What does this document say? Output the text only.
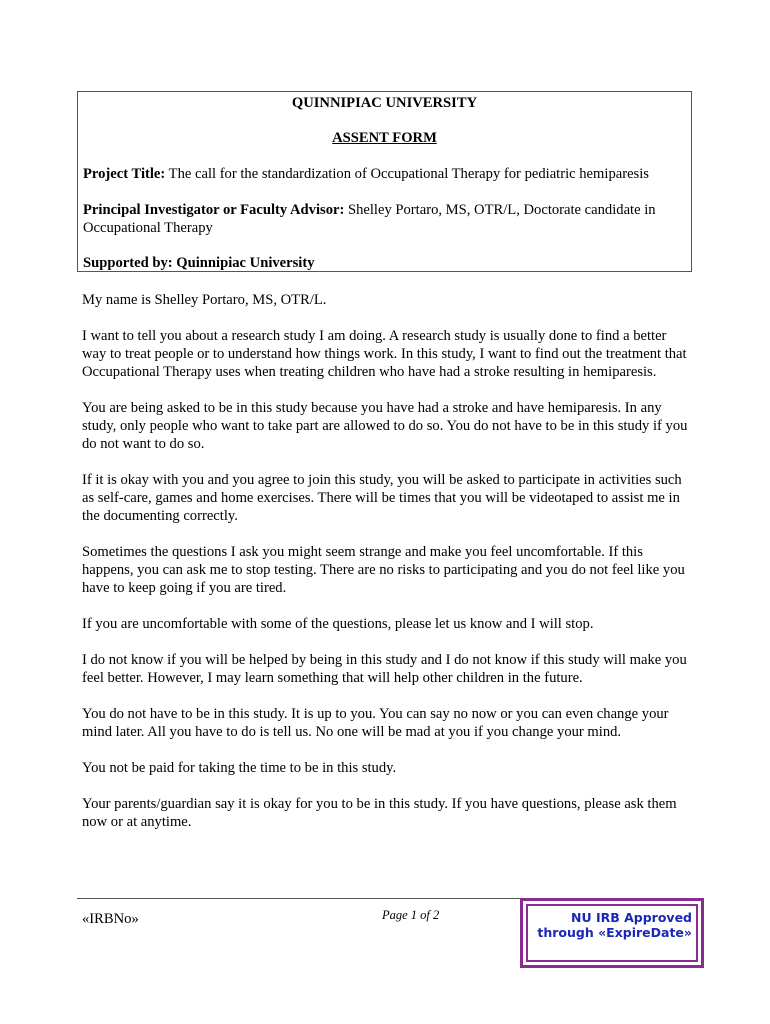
QUINNIPIAC UNIVERSITY
ASSENT FORM
Project Title: The call for the standardization of Occupational Therapy for pediatric hemiparesis
Principal Investigator or Faculty Advisor: Shelley Portaro, MS, OTR/L, Doctorate candidate in Occupational Therapy
Supported by: Quinnipiac University

My name is Shelley Portaro, MS, OTR/L.

I want to tell you about a research study I am doing. A research study is usually done to find a better way to treat people or to understand how things work. In this study, I want to find out the treatment that Occupational Therapy uses when treating children who have had a stroke resulting in hemiparesis.

You are being asked to be in this study because you have had a stroke and have hemiparesis. In any study, only people who want to take part are allowed to do so. You do not have to be in this study if you do not want to do so.

If it is okay with you and you agree to join this study, you will be asked to participate in activities such as self-care, games and home exercises. There will be times that you will be videotaped to assist me in the documenting correctly.

Sometimes the questions I ask you might seem strange and make you feel uncomfortable. If this happens, you can ask me to stop testing. There are no risks to participating and you do not feel like you have to keep going if you are tired.

If you are uncomfortable with some of the questions, please let us know and I will stop.

I do not know if you will be helped by being in this study and I do not know if this study will make you feel better. However, I may learn something that will help other children in the future.

You do not have to be in this study. It is up to you. You can say no now or you can even change your mind later. All you have to do is tell us. No one will be mad at you if you change your mind.

You not be paid for taking the time to be in this study.

Your parents/guardian say it is okay for you to be in this study. If you have questions, please ask them now or at anytime.

«IRBNo»	Page 1 of 2	NU IRB Approved
through «ExpireDate»
